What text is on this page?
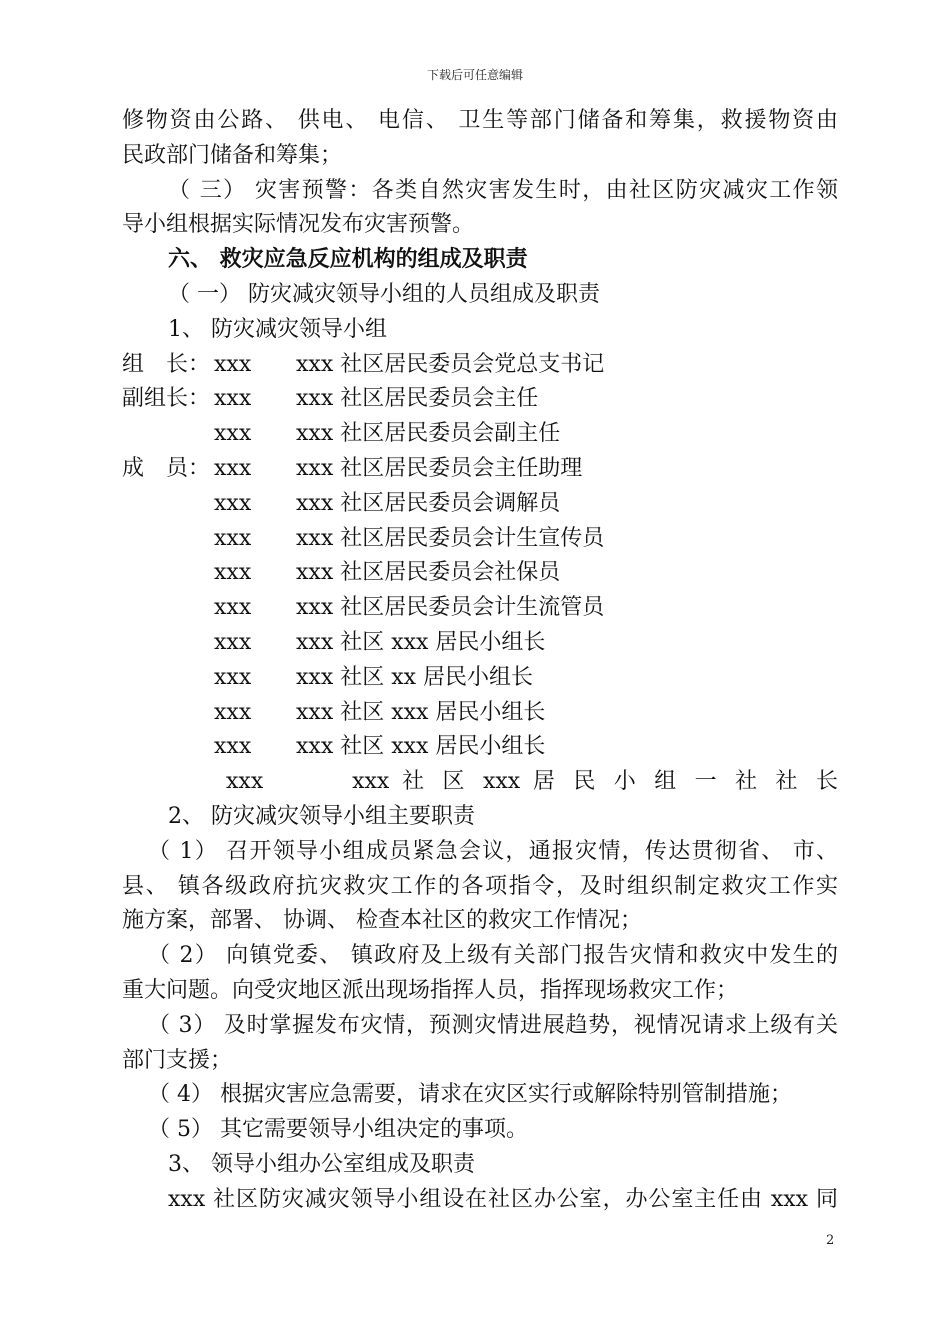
下载后可任意编辑
修物资由公路、 供电、 电信、 卫生等部门储备和筹集，救援物资由
民政部门储备和筹集；
（ 三） 灾害预警：各类自然灾害发生时，由社区防灾减灾工作领
导小组根据实际情况发布灾害预警。
六、 救灾应急反应机构的组成及职责
（ 一） 防灾减灾领导小组的人员组成及职责
1、 防灾减灾领导小组
组　长： xxx xxx 社区居民委员会党总支书记
副组长： xxx xxx 社区居民委员会主任
xxx xxx 社区居民委员会副主任
成　员： xxx xxx 社区居民委员会主任助理
xxx xxx 社区居民委员会调解员
xxx xxx 社区居民委员会计生宣传员
xxx xxx 社区居民委员会社保员
xxx xxx 社区居民委员会计生流管员
xxx xxx 社区 xxx 居民小组长
xxx xxx 社区 xx 居民小组长
xxx xxx 社区 xxx 居民小组长
xxx xxx 社区 xxx 居民小组长
xxx　　　xxx 社 区 xxx 居 民 小 组 一 社 社 长
2、 防灾减灾领导小组主要职责
（ 1） 召开领导小组成员紧急会议，通报灾情，传达贯彻省、 市、
县、 镇各级政府抗灾救灾工作的各项指令，及时组织制定救灾工作实
施方案，部署、 协调、 检查本社区的救灾工作情况；
（ 2） 向镇党委、 镇政府及上级有关部门报告灾情和救灾中发生的
重大问题。向受灾地区派出现场指挥人员，指挥现场救灾工作；
（ 3） 及时掌握发布灾情，预测灾情进展趋势，视情况请求上级有关
部门支援；
（ 4） 根据灾害应急需要，请求在灾区实行或解除特别管制措施；
（ 5） 其它需要领导小组决定的事项。
3、 领导小组办公室组成及职责
xxx 社区防灾减灾领导小组设在社区办公室，办公室主任由 xxx 同
2
